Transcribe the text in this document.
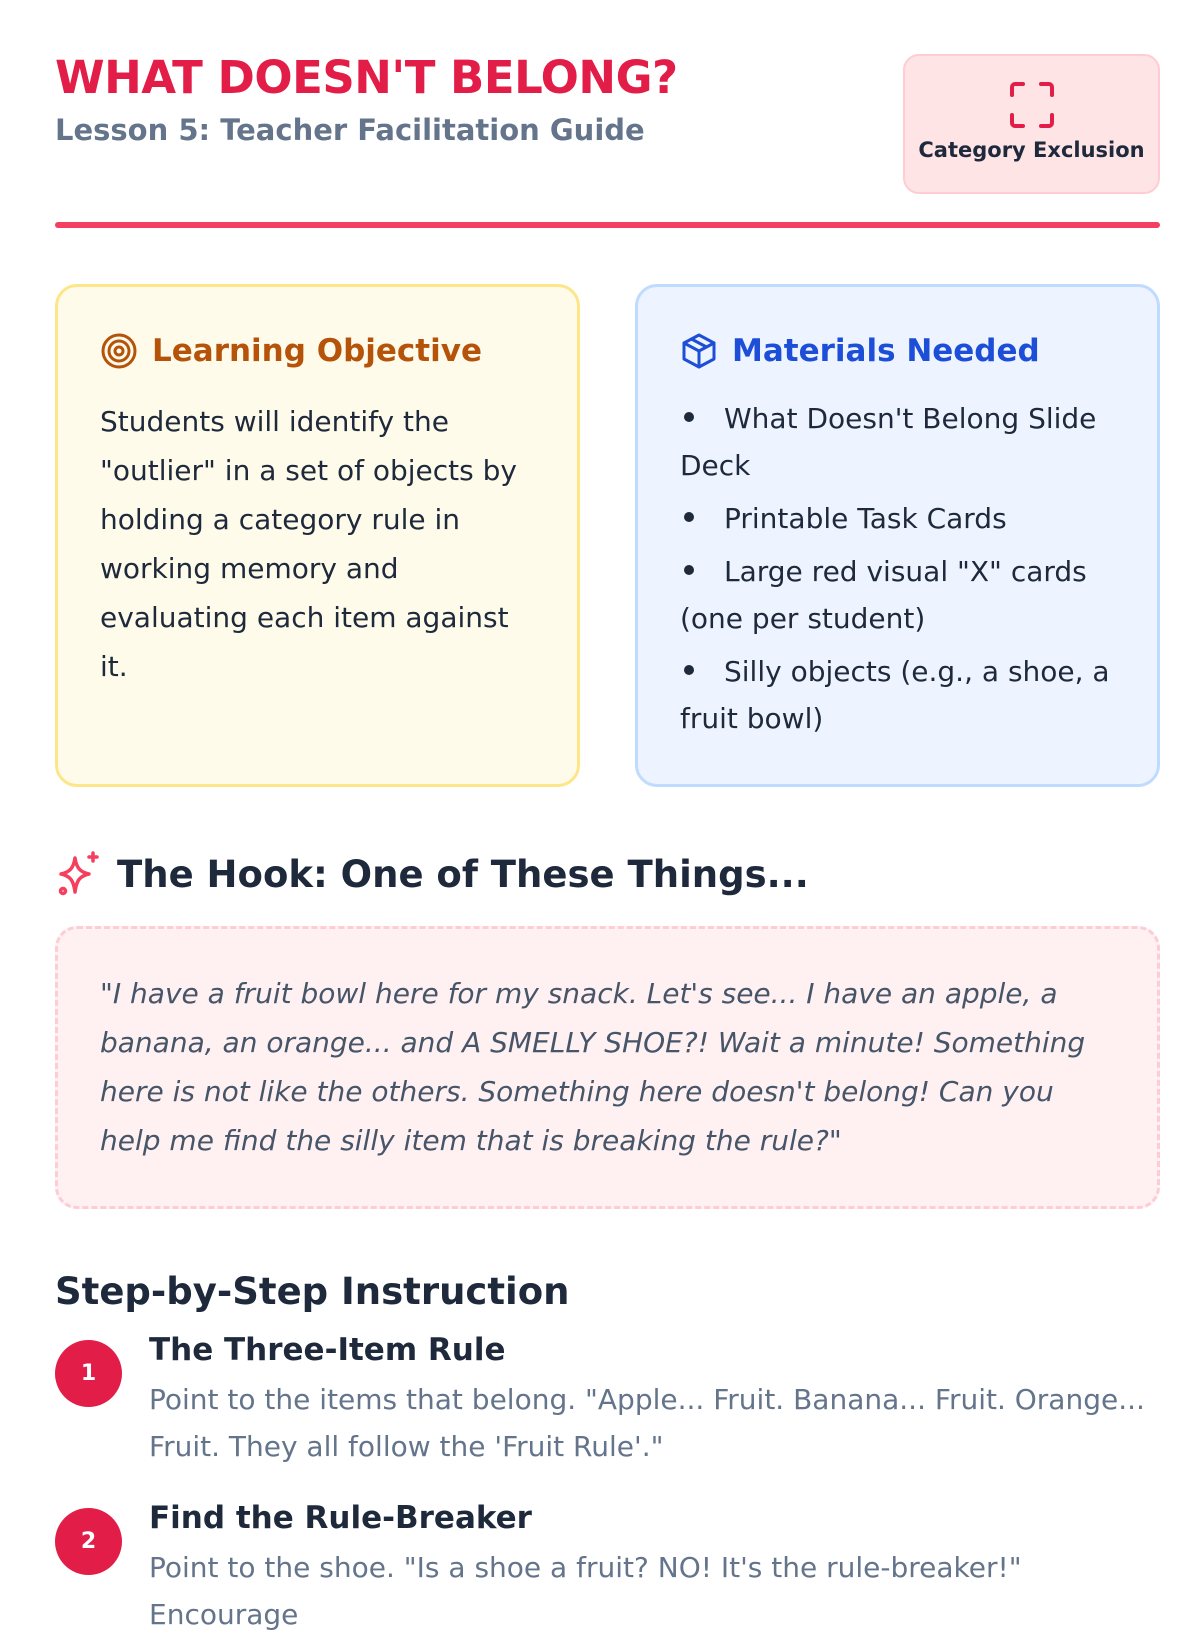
WHAT DOESN'T BELONG?
Lesson 5: Teacher Facilitation Guide
Category Exclusion
Learning Objective

Students will identify the "outlier" in a set of objects by holding a category rule in working memory and evaluating each item against it.

Materials Needed
What Doesn't Belong Slide Deck
Printable Task Cards
Large red visual "X" cards (one per student)
Silly objects (e.g., a shoe, a fruit bowl)
The Hook: One of These Things...

"I have a fruit bowl here for my snack. Let's see... I have an apple, a banana, an orange... and A SMELLY SHOE?! Wait a minute! Something here is not like the others. Something here doesn't belong! Can you help me find the silly item that is breaking the rule?"

Step-by-Step Instruction
1
The Three-Item Rule

Point to the items that belong. "Apple... Fruit. Banana... Fruit. Orange... Fruit. They all follow the 'Fruit Rule'."

2
Find the Rule-Breaker

Point to the shoe. "Is a shoe a fruit? NO! It's the rule-breaker!" Encourage
